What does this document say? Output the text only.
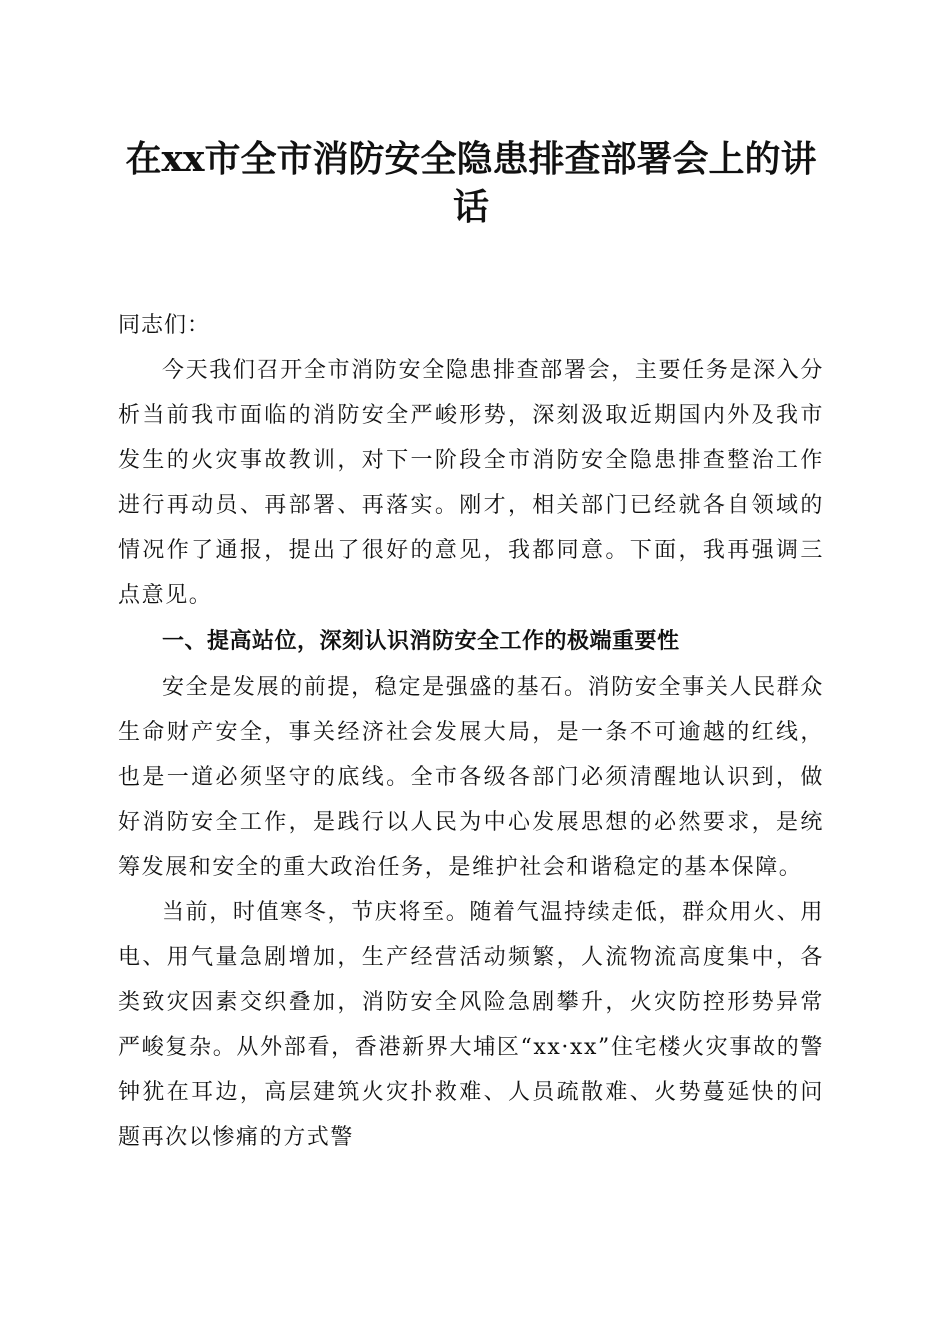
在xx市全市消防安全隐患排查部署会上的讲话

同志们：

今天我们召开全市消防安全隐患排查部署会，主要任务是深入分析当前我市面临的消防安全严峻形势，深刻汲取近期国内外及我市发生的火灾事故教训，对下一阶段全市消防安全隐患排查整治工作进行再动员、再部署、再落实。刚才，相关部门已经就各自领域的情况作了通报，提出了很好的意见，我都同意。下面，我再强调三点意见。

一、提高站位，深刻认识消防安全工作的极端重要性

安全是发展的前提，稳定是强盛的基石。消防安全事关人民群众生命财产安全，事关经济社会发展大局，是一条不可逾越的红线，也是一道必须坚守的底线。全市各级各部门必须清醒地认识到，做好消防安全工作，是践行以人民为中心发展思想的必然要求，是统筹发展和安全的重大政治任务，是维护社会和谐稳定的基本保障。

当前，时值寒冬，节庆将至。随着气温持续走低，群众用火、用电、用气量急剧增加，生产经营活动频繁，人流物流高度集中，各类致灾因素交织叠加，消防安全风险急剧攀升，火灾防控形势异常严峻复杂。从外部看，香港新界大埔区“xx·xx”住宅楼火灾事故的警钟犹在耳边，高层建筑火灾扑救难、人员疏散难、火势蔓延快的问题再次以惨痛的方式警
